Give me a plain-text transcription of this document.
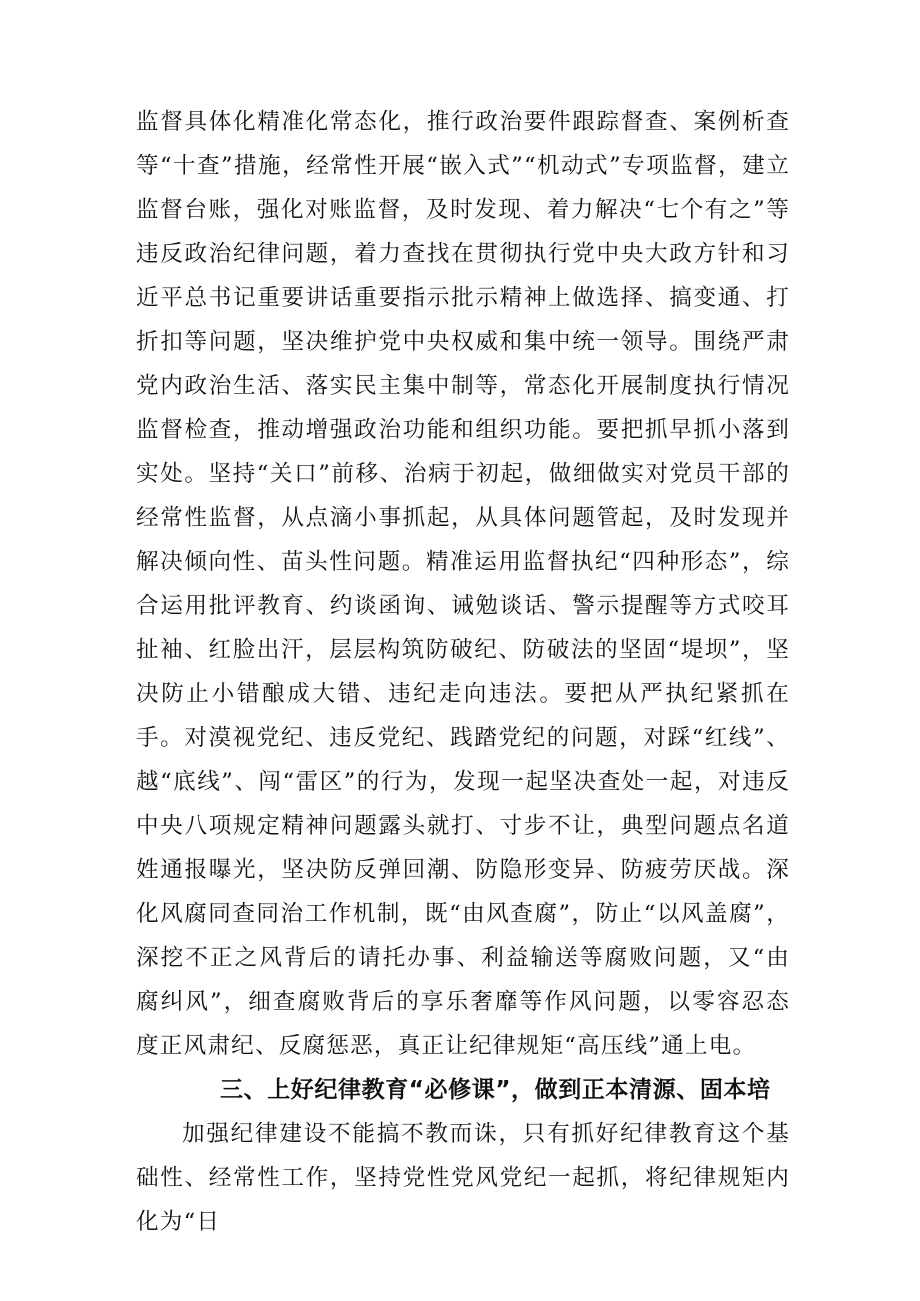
监督具体化精准化常态化，推行政治要件跟踪督查、案例析查等“十查”措施，经常性开展“嵌入式”“机动式”专项监督，建立监督台账，强化对账监督，及时发现、着力解决“七个有之”等违反政治纪律问题，着力查找在贯彻执行党中央大政方针和习近平总书记重要讲话重要指示批示精神上做选择、搞变通、打折扣等问题，坚决维护党中央权威和集中统一领导。围绕严肃党内政治生活、落实民主集中制等，常态化开展制度执行情况监督检查，推动增强政治功能和组织功能。要把抓早抓小落到实处。坚持“关口”前移、治病于初起，做细做实对党员干部的经常性监督，从点滴小事抓起，从具体问题管起，及时发现并解决倾向性、苗头性问题。精准运用监督执纪“四种形态”，综合运用批评教育、约谈函询、诫勉谈话、警示提醒等方式咬耳扯袖、红脸出汗，层层构筑防破纪、防破法的坚固“堤坝”，坚决防止小错酿成大错、违纪走向违法。要把从严执纪紧抓在手。对漠视党纪、违反党纪、践踏党纪的问题，对踩“红线”、越“底线”、闯“雷区”的行为，发现一起坚决查处一起，对违反中央八项规定精神问题露头就打、寸步不让，典型问题点名道姓通报曝光，坚决防反弹回潮、防隐形变异、防疲劳厌战。深化风腐同查同治工作机制，既“由风查腐”，防止“以风盖腐”，深挖不正之风背后的请托办事、利益输送等腐败问题，又“由腐纠风”，细查腐败背后的享乐奢靡等作风问题，以零容忍态度正风肃纪、反腐惩恶，真正让纪律规矩“高压线”通上电。

三、上好纪律教育“必修课”，做到正本清源、固本培

加强纪律建设不能搞不教而诛，只有抓好纪律教育这个基础性、经常性工作，坚持党性党风党纪一起抓，将纪律规矩内化为“日
